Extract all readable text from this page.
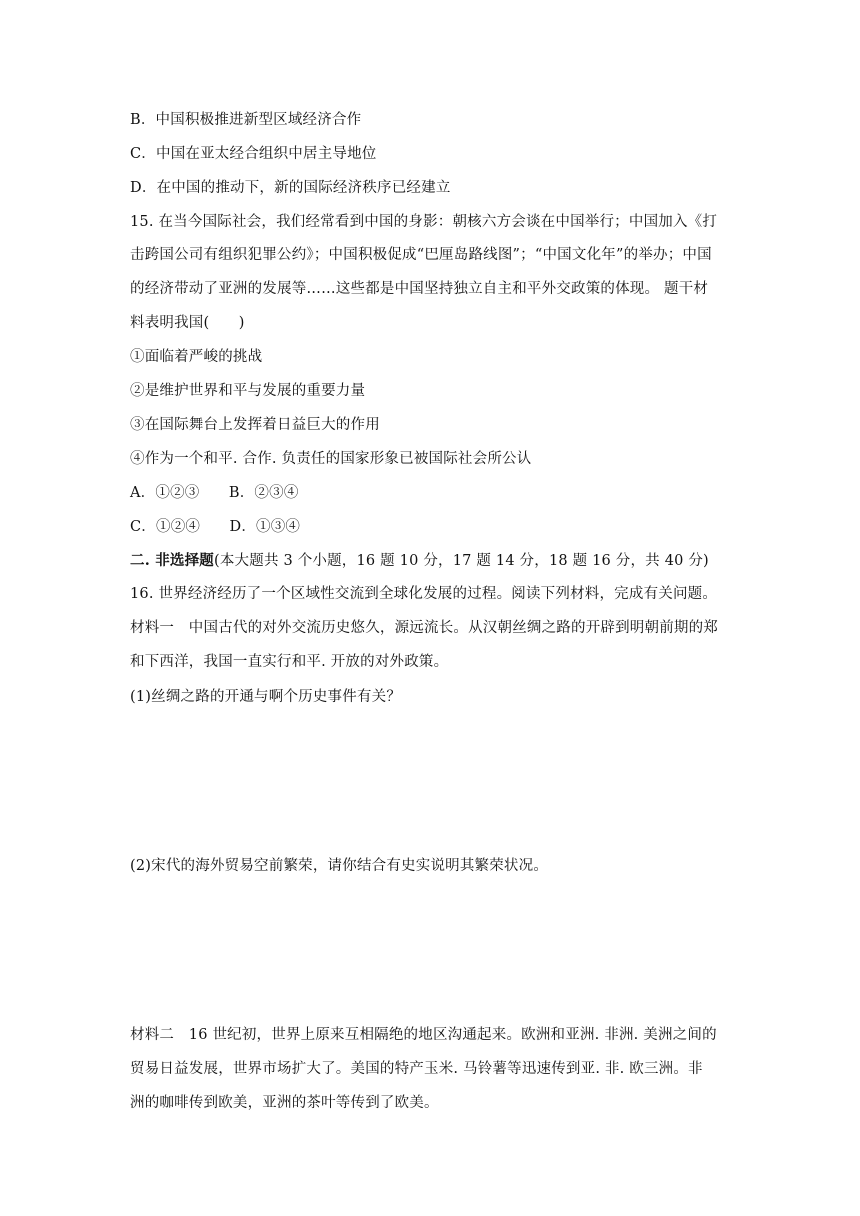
B．中国积极推进新型区域经济合作
C．中国在亚太经合组织中居主导地位
D．在中国的推动下，新的国际经济秩序已经建立
15. 在当今国际社会，我们经常看到中国的身影：朝核六方会谈在中国举行；中国加入《打
击跨国公司有组织犯罪公约》；中国积极促成“巴厘岛路线图”；“中国文化年”的举办；中国
的经济带动了亚洲的发展等……这些都是中国坚持独立自主和平外交政策的体现。 题干材
料表明我国(　　)
①面临着严峻的挑战
②是维护世界和平与发展的重要力量
③在国际舞台上发挥着日益巨大的作用
④作为一个和平. 合作. 负责任的国家形象已被国际社会所公认
A．①②③　　B．②③④
C．①②④　　D．①③④
二. 非选择题(本大题共 3 个小题，16 题 10 分，17 题 14 分，18 题 16 分，共 40 分)
16. 世界经济经历了一个区域性交流到全球化发展的过程。阅读下列材料，完成有关问题。
材料一　中国古代的对外交流历史悠久，源远流长。从汉朝丝绸之路的开辟到明朝前期的郑
和下西洋，我国一直实行和平. 开放的对外政策。
(1)丝绸之路的开通与啊个历史事件有关？
(2)宋代的海外贸易空前繁荣，请你结合有史实说明其繁荣状况。
材料二　16 世纪初，世界上原来互相隔绝的地区沟通起来。欧洲和亚洲. 非洲. 美洲之间的
贸易日益发展，世界市场扩大了。美国的特产玉米. 马铃薯等迅速传到亚. 非. 欧三洲。非
洲的咖啡传到欧美，亚洲的茶叶等传到了欧美。
